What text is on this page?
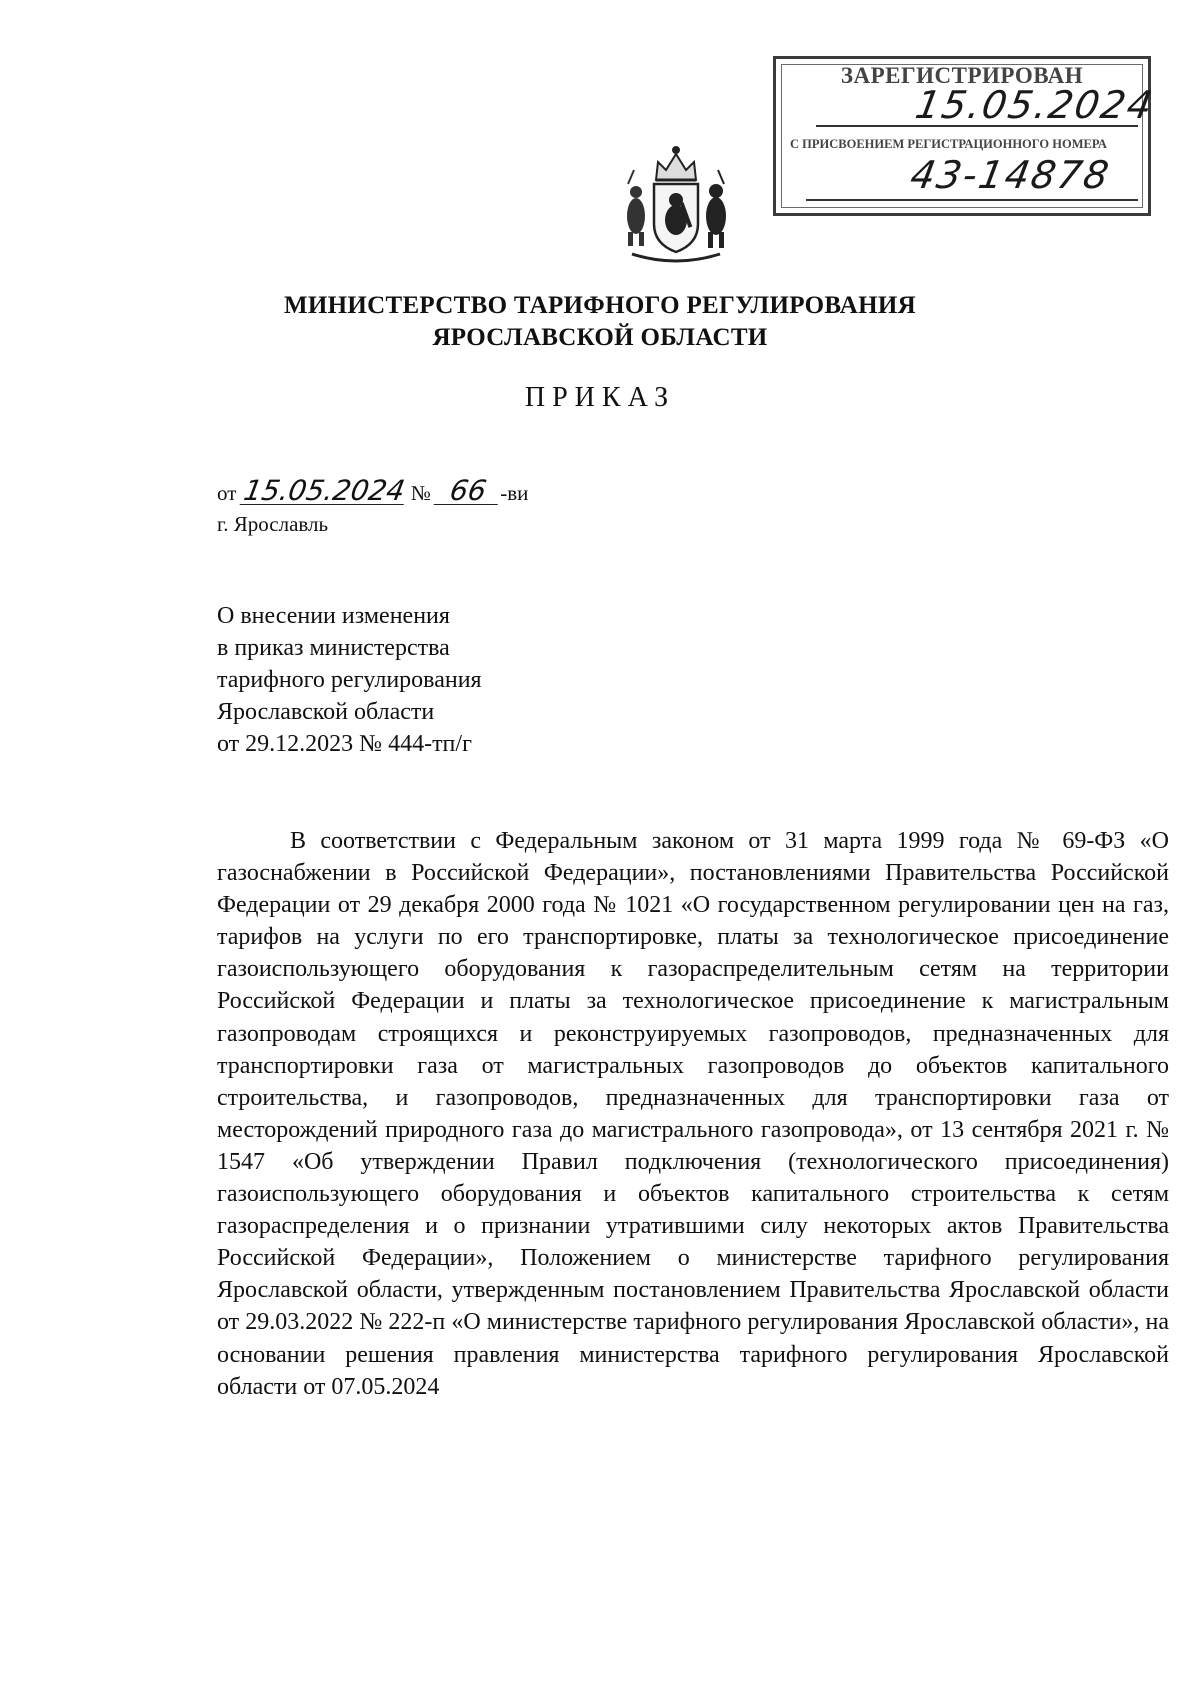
ЗАРЕГИСТРИРОВАН
15.05.2024
С ПРИСВОЕНИЕМ РЕГИСТРАЦИОННОГО НОМЕРА
43-14878
МИНИСТЕРСТВО ТАРИФНОГО РЕГУЛИРОВАНИЯ
ЯРОСЛАВСКОЙ ОБЛАСТИ
ПРИКАЗ
от 15.05.2024 № 66 -ви
г. Ярославль
О внесении изменения
в приказ министерства
тарифного регулирования
Ярославской области
от 29.12.2023 № 444-тп/г
В соответствии с Федеральным законом от 31 марта 1999 года № 69-ФЗ «О газоснабжении в Российской Федерации», постановлениями Правительства Российской Федерации от 29 декабря 2000 года № 1021 «О государственном регулировании цен на газ, тарифов на услуги по его транспортировке, платы за технологическое присоединение газоиспользующего оборудования к газораспределительным сетям на территории Российской Федерации и платы за технологическое присоединение к магистральным газопроводам строящихся и реконструируемых газопроводов, предназначенных для транспортировки газа от магистральных газопроводов до объектов капитального строительства, и газопроводов, предназначенных для транспортировки газа от месторождений природного газа до магистрального газопровода», от 13 сентября 2021 г. № 1547 «Об утверждении Правил подключения (технологического присоединения) газоиспользующего оборудования и объектов капитального строительства к сетям газораспределения и о признании утратившими силу некоторых актов Правительства Российской Федерации», Положением о министерстве тарифного регулирования Ярославской области, утвержденным постановлением Правительства Ярославской области от 29.03.2022 № 222-п «О министерстве тарифного регулирования Ярославской области», на основании решения правления министерства тарифного регулирования Ярославской области от 07.05.2024
